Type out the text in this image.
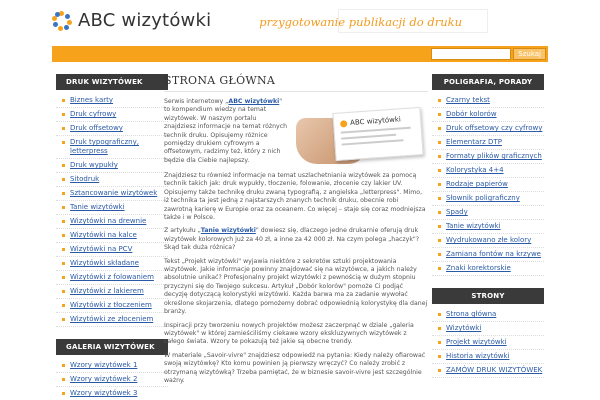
ABC wizytówki	przygotowanie publikacji do druku
Szukaj
DRUK WIZYTÓWEK
Biznes karty
Druk cyfrowy
Druk offsetowy
Druk typograficzny, letterpress
Druk wypukły
Sitodruk
Sztancowanie wizytówek
Tanie wizytówki
Wizytówki na drewnie
Wizytówki na kalce
Wizytówki na PCV
Wizytówki składane
Wizytówki z folowaniem
Wizytówki z lakierem
Wizytówki z tłoczeniem
Wizytówki ze złoceniem
GALERIA WIZYTÓWEK
Wzory wizytówek 1
Wzory wizytówek 2
Wzory wizytówek 3
STRONA GŁÓWNA

Serwis internetowy „ABC wizytówki" to kompendium wiedzy na temat wizytówek. W naszym portalu znajdziesz informacje na temat różnych technik druku. Opisujemy różnice pomiędzy drukiem cyfrowym a offsetowym, radzimy też, który z nich będzie dla Ciebie najlepszy.

ABC wizytówki

Znajdziesz tu również informacje na temat uszlachetniania wizytówek za pomocą technik takich jak: druk wypukły, tłoczenie, folowanie, złocenie czy lakier UV. Opisujemy także technikę druku zwaną typografią, z angielska „letterpress". Mimo, iż technika ta jest jedną z najstarszych znanych technik druku, obecnie robi zawrotną karierę w Europie oraz za oceanem. Co więcej – staje się coraz modniejsza także i w Polsce.

Z artykułu „Tanie wizytówki" dowiesz się, dlaczego jedne drukarnie oferują druk wizytówek kolorowych już za 40 zł, a inne za 42 000 zł. Na czym polega „haczyk"? Skąd tak duża różnica?

Tekst „Projekt wizytówki" wyjawia niektóre z sekretów sztuki projektowania wizytówek. Jakie informacje powinny znajdować się na wizytówce, a jakich należy absolutnie unikać? Profesjonalny projekt wizytówki z pewnością w dużym stopniu przyczyni się do Twojego sukcesu. Artykuł „Dobór kolorów" pomoże Ci podjąć decyzję dotyczącą kolorystyki wizytówki. Każda barwa ma za zadanie wywołać określone skojarzenia, dlatego pomożemy dobrać odpowiednią kolorystykę dla danej branży.

Inspiracji przy tworzeniu nowych projektów możesz zaczerpnąć w dziale „galeria wizytówek" w której zamieściliśmy ciekawe wzory ekskluzywnych wizytówek z całego świata. Wzory te pokazują też jakie są obecne trendy.

W materiale „Savoir-vivre" znajdziesz odpowiedź na pytania: Kiedy należy ofiarować swoją wizytówkę? Kto komu powinien ją pierwszy wręczyć? Co należy zrobić z otrzymaną wizytówką? Trzeba pamiętać, że w biznesie savoir-vivre jest szczególnie ważny.

POLIGRAFIA, PORADY
Czarny tekst
Dobór kolorów
Druk offsetowy czy cyfrowy
Elementarz DTP
Formaty plików graficznych
Kolorystyka 4+4
Rodzaje papierów
Słownik poligraficzny
Spady
Tanie wizytówki
Wydrukowano złe kolory
Zamiana fontów na krzywe
Znaki korektorskie
STRONY
Strona główna
Wizytówki
Projekt wizytówki
Historia wizytówki
ZAMÓW DRUK WIZYTÓWEK
